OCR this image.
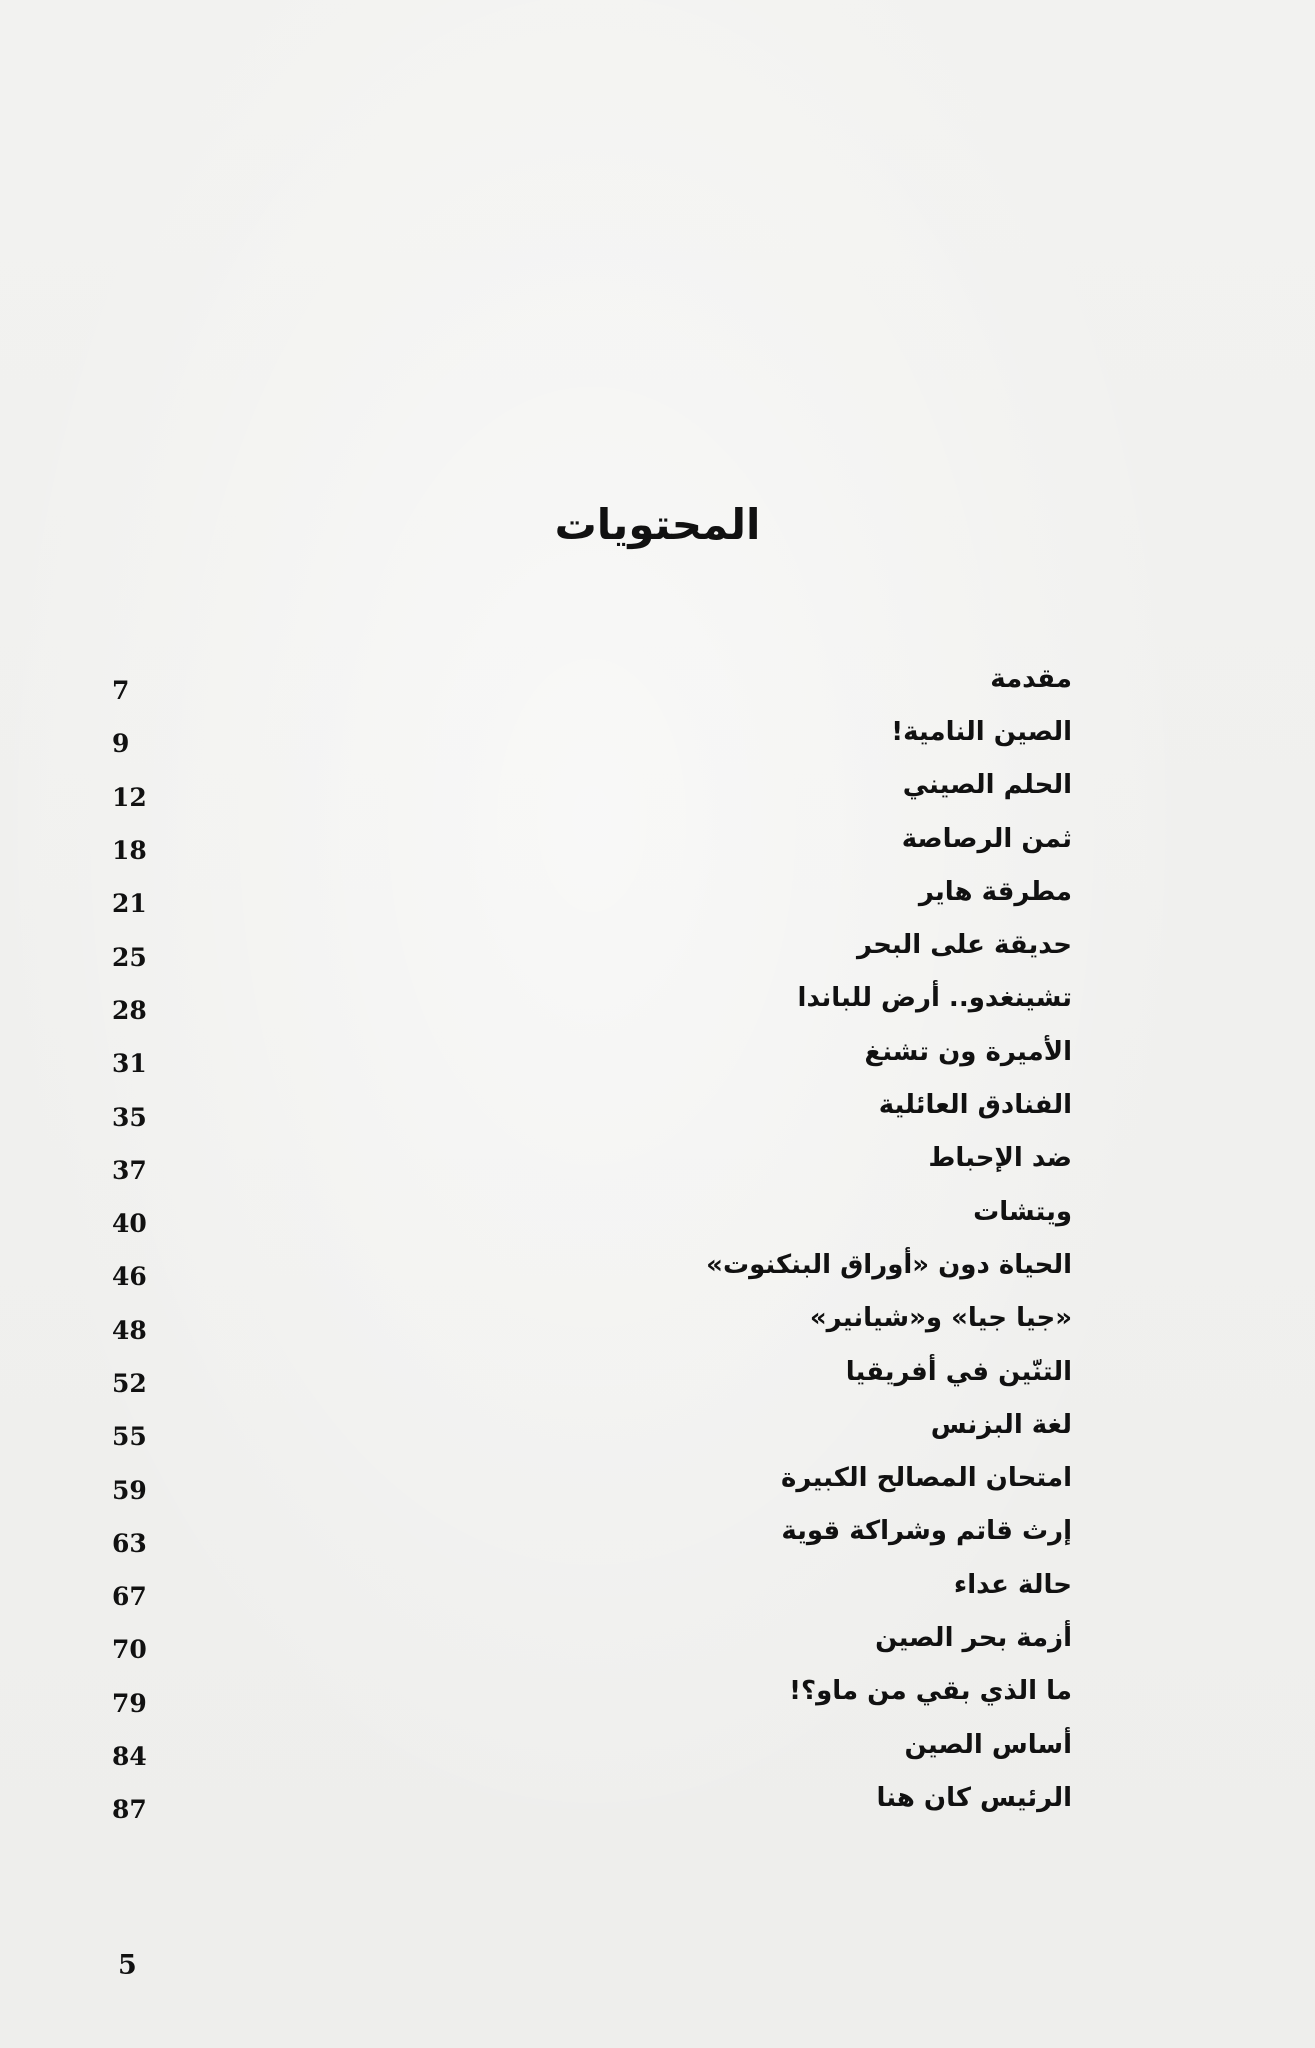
المحتويات
مقدمة
7
الصين النامية!
9
الحلم الصيني
12
ثمن الرصاصة
18
مطرقة هاير
21
حديقة على البحر
25
تشينغدو.. أرض للباندا
28
الأميرة ون تشنغ
31
الفنادق العائلية
35
ضد الإحباط
37
ويتشات
40
الحياة دون «أوراق البنكنوت»
46
«جيا جيا» و«شيانير»
48
التنّين في أفريقيا
52
لغة البزنس
55
امتحان المصالح الكبيرة
59
إرث قاتم وشراكة قوية
63
حالة عداء
67
أزمة بحر الصين
70
ما الذي بقي من ماو؟!
79
أساس الصين
84
الرئيس كان هنا
87
5
